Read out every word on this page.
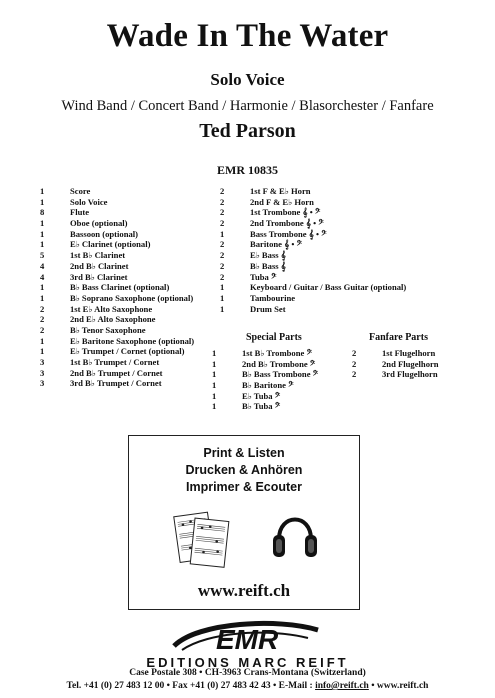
Wade In The Water
Solo Voice
Wind Band / Concert Band / Harmonie / Blasorchester / Fanfare
Ted Parson
EMR 10835
1	Score
1	Solo Voice
8	Flute
1	Oboe (optional)
1	Bassoon (optional)
1	E♭ Clarinet (optional)
5	1st B♭ Clarinet
4	2nd B♭ Clarinet
4	3rd B♭ Clarinet
1	B♭ Bass Clarinet (optional)
1	B♭ Soprano Saxophone (optional)
2	1st E♭ Alto Saxophone
2	2nd E♭ Alto Saxophone
2	B♭ Tenor Saxophone
1	E♭ Baritone Saxophone (optional)
1	E♭ Trumpet / Cornet (optional)
3	1st B♭ Trumpet / Cornet
3	2nd B♭ Trumpet / Cornet
3	3rd B♭ Trumpet / Cornet
2	1st F & E♭ Horn
2	2nd F & E♭ Horn
2	1st Trombone 𝄞 • 𝄢
2	2nd Trombone 𝄞 • 𝄢
1	Bass Trombone 𝄞 • 𝄢
2	Baritone 𝄞 • 𝄢
2	E♭ Bass 𝄞
2	B♭ Bass 𝄞
2	Tuba 𝄢
1	Keyboard / Guitar / Bass Guitar (optional)
1	Tambourine
1	Drum Set
Special Parts	Fanfare Parts
1	1st B♭ Trombone 𝄢
1	2nd B♭ Trombone 𝄢
1	B♭ Bass Trombone 𝄢
1	B♭ Baritone 𝄢
1	E♭ Tuba 𝄢
1	B♭ Tuba 𝄢
2	1st Flugelhorn
2	2nd Flugelhorn
2	3rd Flugelhorn
Print & Listen
Drucken & Anhören
Imprimer & Ecouter
www.reift.ch
EMR
EDITIONS MARC REIFT
Case Postale 308 • CH-3963 Crans-Montana (Switzerland)
Tel. +41 (0) 27 483 12 00 • Fax +41 (0) 27 483 42 43 • E-Mail : info@reift.ch • www.reift.ch
